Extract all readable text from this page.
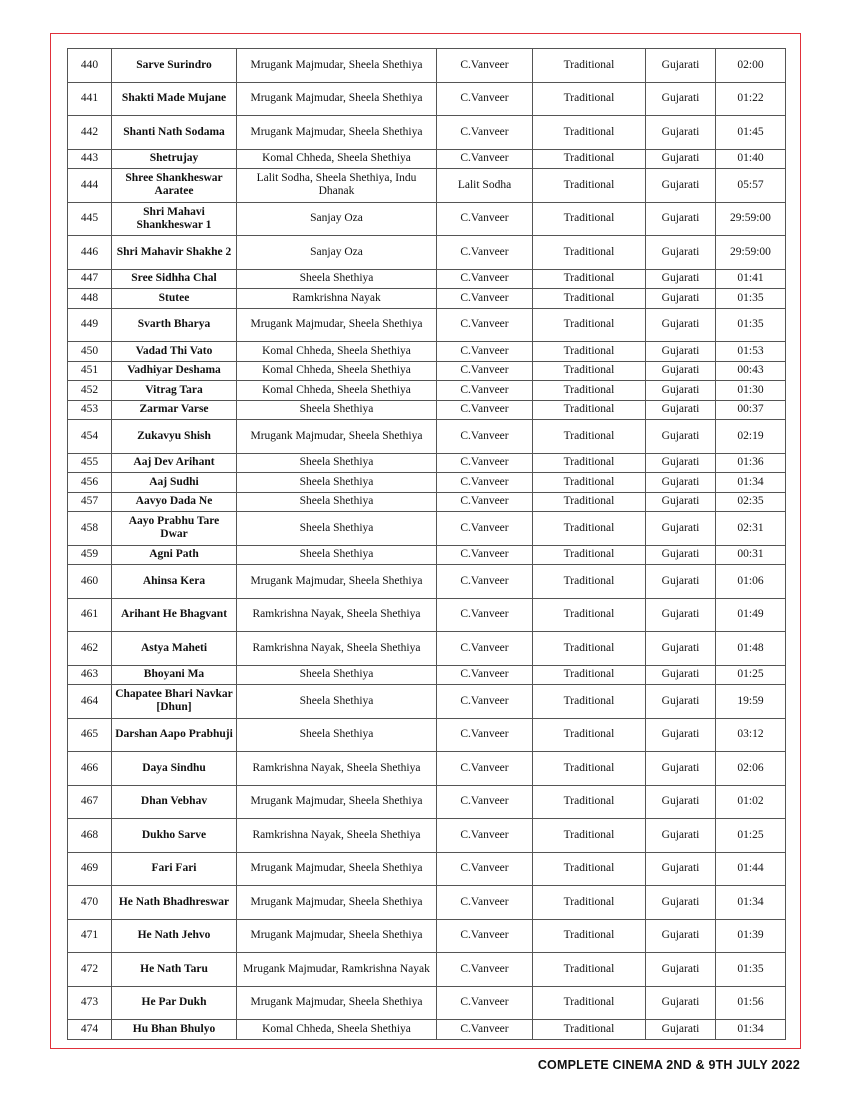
440	Sarve Surindro	Mrugank Majmudar, Sheela Shethiya	C.Vanveer	Traditional	Gujarati	02:00
441	Shakti Made Mujane	Mrugank Majmudar, Sheela Shethiya	C.Vanveer	Traditional	Gujarati	01:22
442	Shanti Nath Sodama	Mrugank Majmudar, Sheela Shethiya	C.Vanveer	Traditional	Gujarati	01:45
443	Shetrujay	Komal Chheda, Sheela Shethiya	C.Vanveer	Traditional	Gujarati	01:40
444	Shree Shankheswar Aaratee	Lalit Sodha, Sheela Shethiya, Indu Dhanak	Lalit Sodha	Traditional	Gujarati	05:57
445	Shri Mahavi Shankheswar 1	Sanjay Oza	C.Vanveer	Traditional	Gujarati	29:59:00
446	Shri Mahavir Shakhe 2	Sanjay Oza	C.Vanveer	Traditional	Gujarati	29:59:00
447	Sree Sidhha Chal	Sheela Shethiya	C.Vanveer	Traditional	Gujarati	01:41
448	Stutee	Ramkrishna Nayak	C.Vanveer	Traditional	Gujarati	01:35
449	Svarth Bharya	Mrugank Majmudar, Sheela Shethiya	C.Vanveer	Traditional	Gujarati	01:35
450	Vadad Thi Vato	Komal Chheda, Sheela Shethiya	C.Vanveer	Traditional	Gujarati	01:53
451	Vadhiyar Deshama	Komal Chheda, Sheela Shethiya	C.Vanveer	Traditional	Gujarati	00:43
452	Vitrag Tara	Komal Chheda, Sheela Shethiya	C.Vanveer	Traditional	Gujarati	01:30
453	Zarmar Varse	Sheela Shethiya	C.Vanveer	Traditional	Gujarati	00:37
454	Zukavyu Shish	Mrugank Majmudar, Sheela Shethiya	C.Vanveer	Traditional	Gujarati	02:19
455	Aaj Dev Arihant	Sheela Shethiya	C.Vanveer	Traditional	Gujarati	01:36
456	Aaj Sudhi	Sheela Shethiya	C.Vanveer	Traditional	Gujarati	01:34
457	Aavyo Dada Ne	Sheela Shethiya	C.Vanveer	Traditional	Gujarati	02:35
458	Aayo Prabhu Tare Dwar	Sheela Shethiya	C.Vanveer	Traditional	Gujarati	02:31
459	Agni Path	Sheela Shethiya	C.Vanveer	Traditional	Gujarati	00:31
460	Ahinsa Kera	Mrugank Majmudar, Sheela Shethiya	C.Vanveer	Traditional	Gujarati	01:06
461	Arihant He Bhagvant	Ramkrishna Nayak, Sheela Shethiya	C.Vanveer	Traditional	Gujarati	01:49
462	Astya Maheti	Ramkrishna Nayak, Sheela Shethiya	C.Vanveer	Traditional	Gujarati	01:48
463	Bhoyani Ma	Sheela Shethiya	C.Vanveer	Traditional	Gujarati	01:25
464	Chapatee Bhari Navkar [Dhun]	Sheela Shethiya	C.Vanveer	Traditional	Gujarati	19:59
465	Darshan Aapo Prabhuji	Sheela Shethiya	C.Vanveer	Traditional	Gujarati	03:12
466	Daya Sindhu	Ramkrishna Nayak, Sheela Shethiya	C.Vanveer	Traditional	Gujarati	02:06
467	Dhan Vebhav	Mrugank Majmudar, Sheela Shethiya	C.Vanveer	Traditional	Gujarati	01:02
468	Dukho Sarve	Ramkrishna Nayak, Sheela Shethiya	C.Vanveer	Traditional	Gujarati	01:25
469	Fari Fari	Mrugank Majmudar, Sheela Shethiya	C.Vanveer	Traditional	Gujarati	01:44
470	He Nath Bhadhreswar	Mrugank Majmudar, Sheela Shethiya	C.Vanveer	Traditional	Gujarati	01:34
471	He Nath Jehvo	Mrugank Majmudar, Sheela Shethiya	C.Vanveer	Traditional	Gujarati	01:39
472	He Nath Taru	Mrugank Majmudar, Ramkrishna Nayak	C.Vanveer	Traditional	Gujarati	01:35
473	He Par Dukh	Mrugank Majmudar, Sheela Shethiya	C.Vanveer	Traditional	Gujarati	01:56
474	Hu Bhan Bhulyo	Komal Chheda, Sheela Shethiya	C.Vanveer	Traditional	Gujarati	01:34
COMPLETE CINEMA 2ND & 9TH JULY 2022
